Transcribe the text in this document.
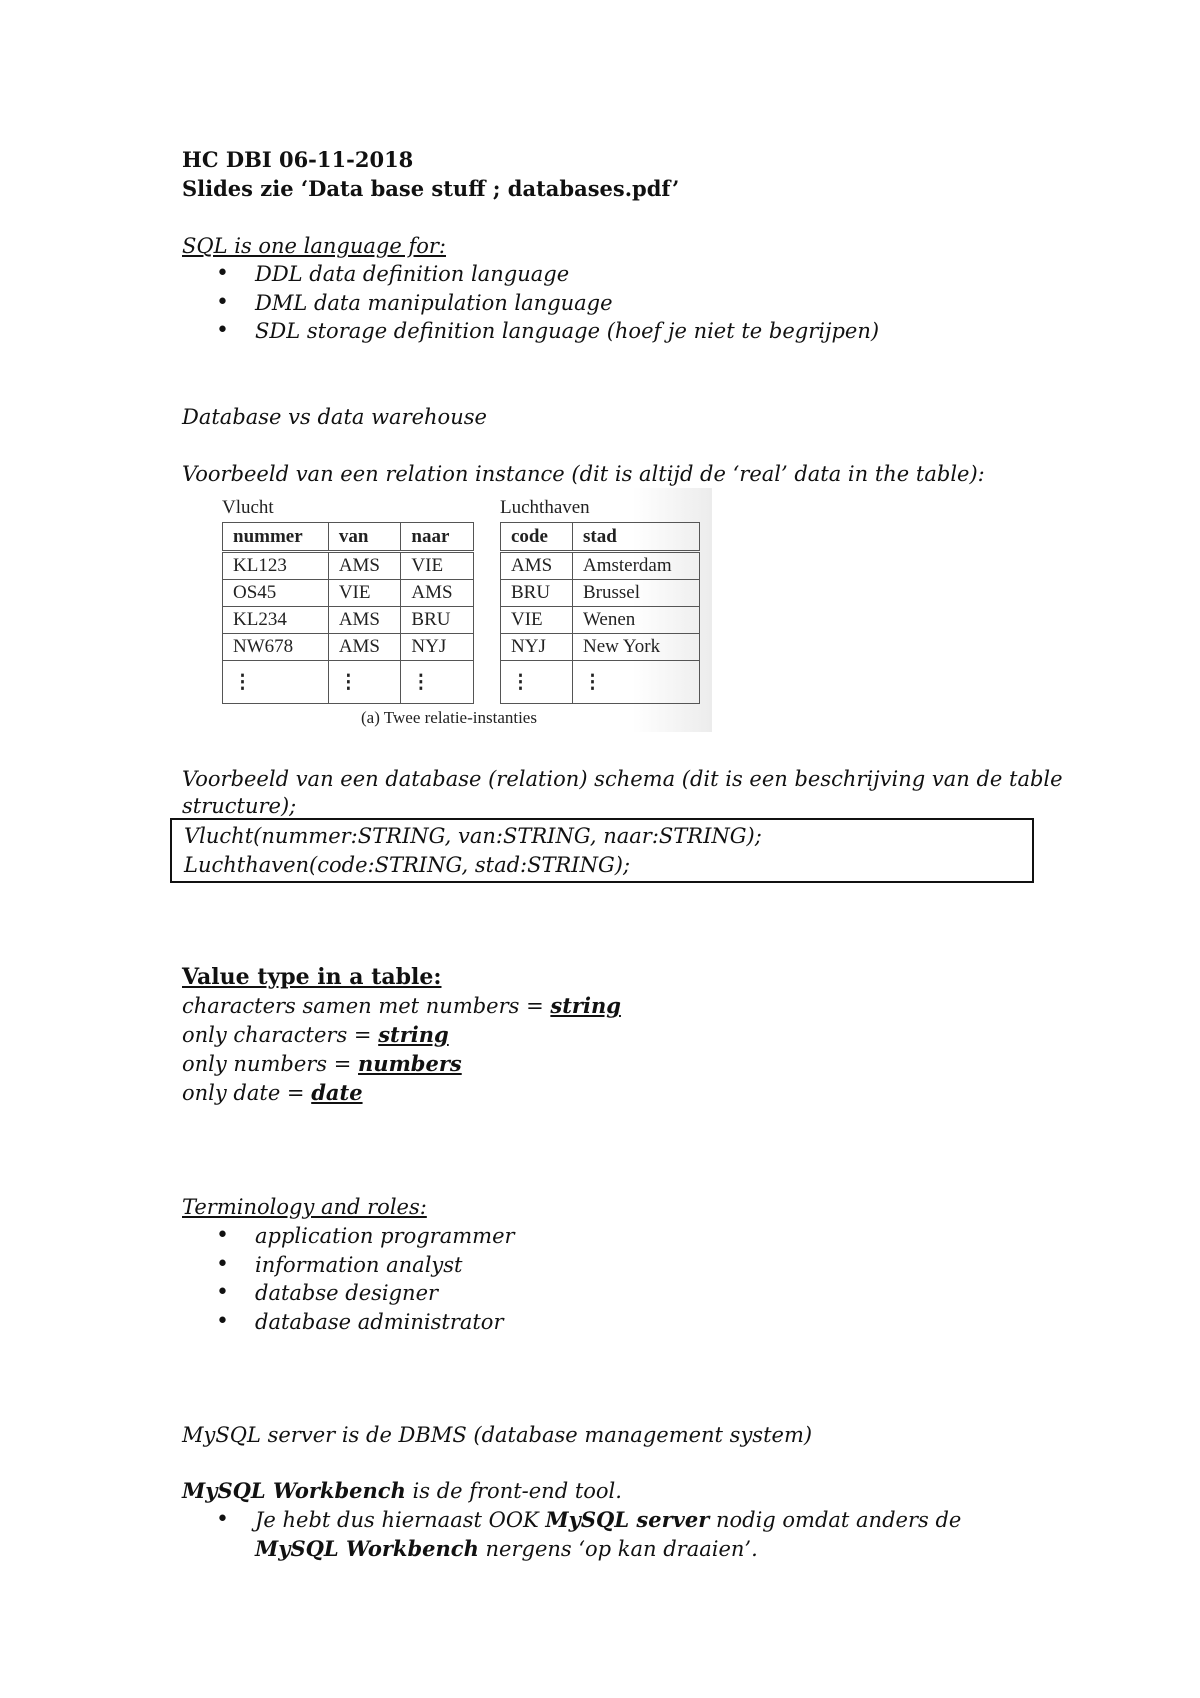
HC DBI 06-11-2018
Slides zie ‘Data base stuff ; databases.pdf’
SQL is one language for:
• DDL data definition language
• DML data manipulation language
• SDL storage definition language (hoef je niet te begrijpen)
Database vs data warehouse
Voorbeeld van een relation instance (dit is altijd de ‘real’ data in the table):
Vlucht	Luchthaven
nummer	van	naar
KL123	AMS	VIE
OS45	VIE	AMS
KL234	AMS	BRU
NW678	AMS	NYJ
⋮	⋮	⋮
code	stad
AMS	Amsterdam
BRU	Brussel
VIE	Wenen
NYJ	New York
⋮	⋮
(a) Twee relatie-instanties
Voorbeeld van een database (relation) schema (dit is een beschrijving van de table
structure);
Vlucht(nummer:STRING, van:STRING, naar:STRING);
Luchthaven(code:STRING, stad:STRING);
Value type in a table:
characters samen met numbers = string
only characters = string
only numbers = numbers
only date = date
Terminology and roles:
• application programmer
• information analyst
• databse designer
• database administrator
MySQL server is de DBMS (database management system)
MySQL Workbench is de front-end tool.
• Je hebt dus hiernaast OOK MySQL server nodig omdat anders de MySQL Workbench nergens ‘op kan draaien’.
